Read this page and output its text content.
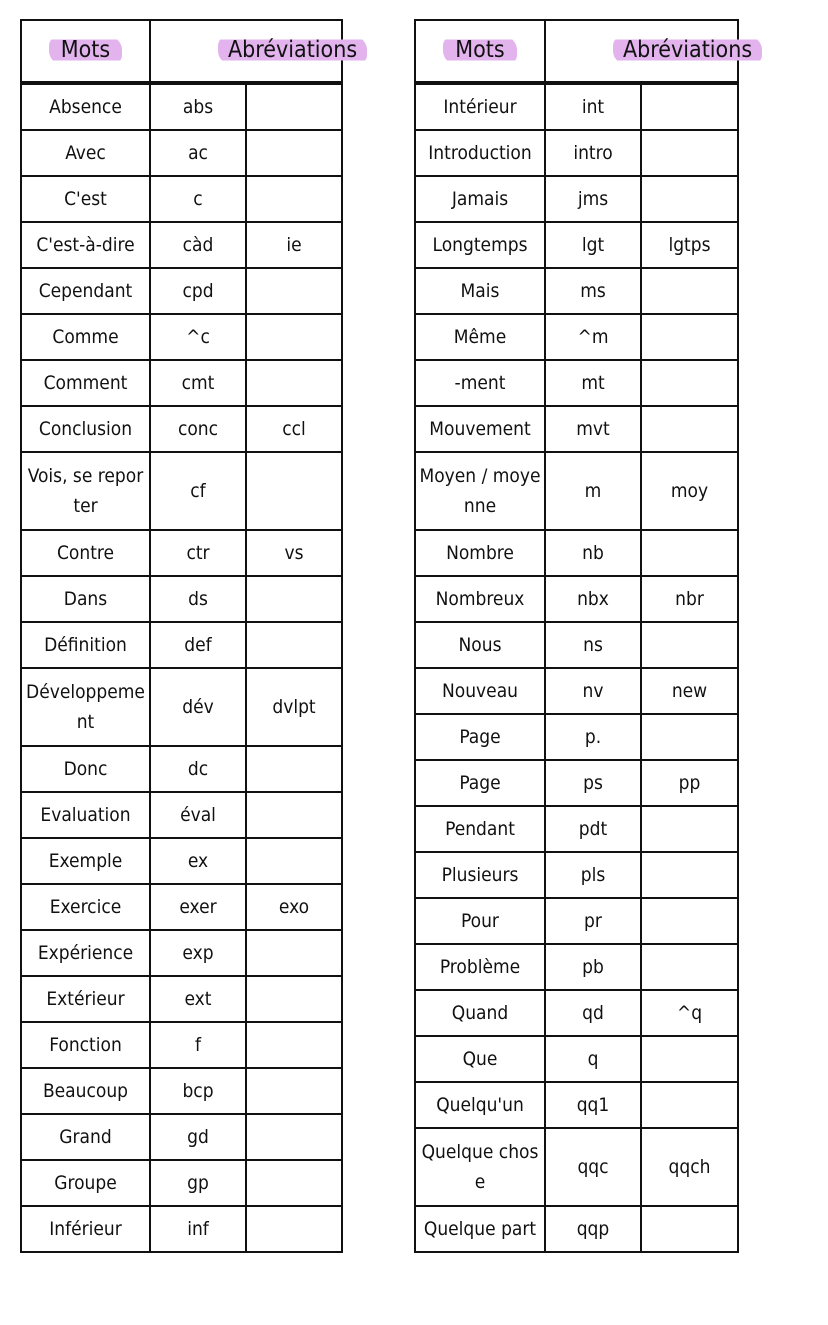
Mots	Abréviations	
Absence	abs	
Avec	ac	
C'est	c	
C'est-à-dire	càd	ie
Cependant	cpd	
Comme	^c	
Comment	cmt	
Conclusion	conc	ccl
Vois, se reporter	cf	
Contre	ctr	vs
Dans	ds	
Définition	def	
Développement	dév	dvlpt
Donc	dc	
Evaluation	éval	
Exemple	ex	
Exercice	exer	exo
Expérience	exp	
Extérieur	ext	
Fonction	f	
Beaucoup	bcp	
Grand	gd	
Groupe	gp	
Inférieur	inf	
Mots	Abréviations	
Intérieur	int	
Introduction	intro	
Jamais	jms	
Longtemps	lgt	lgtps
Mais	ms	
Même	^m	
-ment	mt	
Mouvement	mvt	
Moyen / moyenne	m	moy
Nombre	nb	
Nombreux	nbx	nbr
Nous	ns	
Nouveau	nv	new
Page	p.	
Page	ps	pp
Pendant	pdt	
Plusieurs	pls	
Pour	pr	
Problème	pb	
Quand	qd	^q
Que	q	
Quelqu'un	qq1	
Quelque chose	qqc	qqch
Quelque part	qqp	
